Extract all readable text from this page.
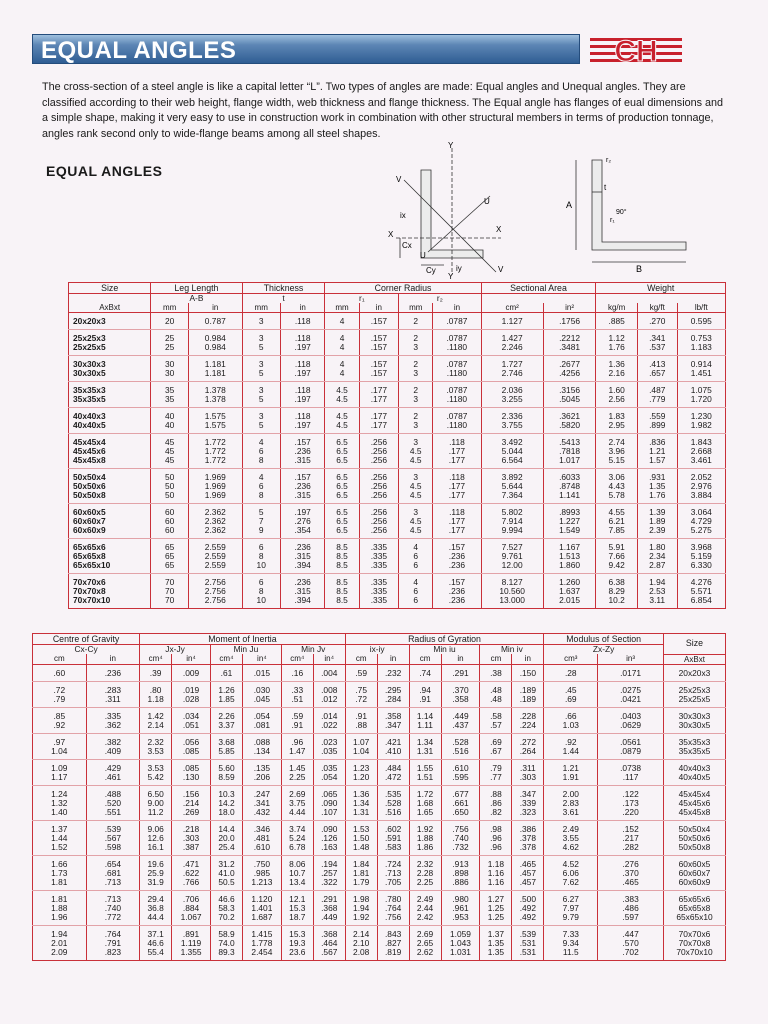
EQUAL ANGLES	CH
The cross-section of a steel angle is like a capital letter “L”. Two types of angles are made: Equal angles and Unequal angles. They are classified according to their web height, flange width, web thickness and flange thickness. The Equal angle has flanges of eual dimensions and a simple shape, making it very easy to use in construction work in combination with other structural members in terms of production tonnage, angles rank second only to wide-flange beams among all steel shapes.
EQUAL ANGLES
Y
Y
V
V
U
U
X
X
ix
Cx
Cy	iy
A
B
t
r₁
r₂
90°
Size	Leg Length		Thickness		Corner Radius				Sectional Area		Weight		
	A-B		t		r₁		r₂						
AxBxt	mm	in	mm	in	mm	in	mm	in	cm²	in²	kg/m	kg/ft	lb/ft
20x20x3	20	0.787	3	.118	4	.157	2	.0787	1.127	.1756	.885	.270	0.595
25x25x3	25	0.984	3	.118	4	.157	2	.0787	1.427	.2212	1.12	.341	0.753
25x25x5	25	0.984	5	.197	4	.157	3	.1180	2.246	.3481	1.76	.537	1.183
30x30x3	30	1.181	3	.118	4	.157	2	.0787	1.727	.2677	1.36	.413	0.914
30x30x5	30	1.181	5	.197	4	.157	3	.1180	2.746	.4256	2.16	.657	1.451
35x35x3	35	1.378	3	.118	4.5	.177	2	.0787	2.036	.3156	1.60	.487	1.075
35x35x5	35	1.378	5	.197	4.5	.177	3	.1180	3.255	.5045	2.56	.779	1.720
40x40x3	40	1.575	3	.118	4.5	.177	2	.0787	2.336	.3621	1.83	.559	1.230
40x40x5	40	1.575	5	.197	4.5	.177	3	.1180	3.755	.5820	2.95	.899	1.982
45x45x4	45	1.772	4	.157	6.5	.256	3	.118	3.492	.5413	2.74	.836	1.843
45x45x6	45	1.772	6	.236	6.5	.256	4.5	.177	5.044	.7818	3.96	1.21	2.668
45x45x8	45	1.772	8	.315	6.5	.256	4.5	.177	6.564	1.017	5.15	1.57	3.461
50x50x4	50	1.969	4	.157	6.5	.256	3	.118	3.892	.6033	3.06	.931	2.052
50x50x6	50	1.969	6	.236	6.5	.256	4.5	.177	5.644	.8748	4.43	1.35	2.976
50x50x8	50	1.969	8	.315	6.5	.256	4.5	.177	7.364	1.141	5.78	1.76	3.884
60x60x5	60	2.362	5	.197	6.5	.256	3	.118	5.802	.8993	4.55	1.39	3.064
60x60x7	60	2.362	7	.276	6.5	.256	4.5	.177	7.914	1.227	6.21	1.89	4.729
60x60x9	60	2.362	9	.354	6.5	.256	4.5	.177	9.994	1.549	7.85	2.39	5.275
65x65x6	65	2.559	6	.236	8.5	.335	4	.157	7.527	1.167	5.91	1.80	3.968
65x65x8	65	2.559	8	.315	8.5	.335	6	.236	9.761	1.513	7.66	2.34	5.159
65x65x10	65	2.559	10	.394	8.5	.335	6	.236	12.00	1.860	9.42	2.87	6.330
70x70x6	70	2.756	6	.236	8.5	.335	4	.157	8.127	1.260	6.38	1.94	4.276
70x70x8	70	2.756	8	.315	8.5	.335	6	.236	10.560	1.637	8.29	2.53	5.571
70x70x10	70	2.756	10	.394	8.5	.335	6	.236	13.000	2.015	10.2	3.11	6.854
Centre of Gravity		Moment of Inertia						Radius of Gyration						Modulus of Section		Size
Cx-Cy		Jx-Jy		Min Ju		Min Jv		ix-iy		Min iu		Min iv		Zx-Zy		
cm	in	cm⁴	in⁴	cm⁴	in⁴	cm⁴	in⁴	cm	in	cm	in	cm	in	cm³	in³	AxBxt
.60	.236	.39	.009	.61	.015	.16	.004	.59	.232	.74	.291	.38	.150	.28	.0171	20x20x3
.72	.283	.80	.019	1.26	.030	.33	.008	.75	.295	.94	.370	.48	.189	.45	.0275	25x25x3
.79	.311	1.18	.028	1.85	.045	.51	.012	.72	.284	.91	.358	.48	.189	.69	.0421	25x25x5
.85	.335	1.42	.034	2.26	.054	.59	.014	.91	.358	1.14	.449	.58	.228	.66	.0403	30x30x3
.92	.362	2.14	.051	3.37	.081	.91	.022	.88	.347	1.11	.437	.57	.224	1.03	.0629	30x30x5
.97	.382	2.32	.056	3.68	.088	.96	.023	1.07	.421	1.34	.528	.69	.272	.92	.0561	35x35x3
1.04	.409	3.53	.085	5.85	.134	1.47	.035	1.04	.410	1.31	.516	.67	.264	1.44	.0879	35x35x5
1.09	.429	3.53	.085	5.60	.135	1.45	.035	1.23	.484	1.55	.610	.79	.311	1.21	.0738	40x40x3
1.17	.461	5.42	.130	8.59	.206	2.25	.054	1.20	.472	1.51	.595	.77	.303	1.91	.117	40x40x5
1.24	.488	6.50	.156	10.3	.247	2.69	.065	1.36	.535	1.72	.677	.88	.347	2.00	.122	45x45x4
1.32	.520	9.00	.214	14.2	.341	3.75	.090	1.34	.528	1.68	.661	.86	.339	2.83	.173	45x45x6
1.40	.551	11.2	.269	18.0	.432	4.44	.107	1.31	.516	1.65	.650	.82	.323	3.61	.220	45x45x8
1.37	.539	9.06	.218	14.4	.346	3.74	.090	1.53	.602	1.92	.756	.98	.386	2.49	.152	50x50x4
1.44	.567	12.6	.303	20.0	.481	5.24	.126	1.50	.591	1.88	.740	.96	.378	3.55	.217	50x50x6
1.52	.598	16.1	.387	25.4	.610	6.78	.163	1.48	.583	1.86	.732	.96	.378	4.62	.282	50x50x8
1.66	.654	19.6	.471	31.2	.750	8.06	.194	1.84	.724	2.32	.913	1.18	.465	4.52	.276	60x60x5
1.73	.681	25.9	.622	41.0	.985	10.7	.257	1.81	.713	2.28	.898	1.16	.457	6.06	.370	60x60x7
1.81	.713	31.9	.766	50.5	1.213	13.4	.322	1.79	.705	2.25	.886	1.16	.457	7.62	.465	60x60x9
1.81	.713	29.4	.706	46.6	1.120	12.1	.291	1.98	.780	2.49	.980	1.27	.500	6.27	.383	65x65x6
1.88	.740	36.8	.884	58.3	1.401	15.3	.368	1.94	.764	2.44	.961	1.25	.492	7.97	.486	65x65x8
1.96	.772	44.4	1.067	70.2	1.687	18.7	.449	1.92	.756	2.42	.953	1.25	.492	9.79	.597	65x65x10
1.94	.764	37.1	.891	58.9	1.415	15.3	.368	2.14	.843	2.69	1.059	1.37	.539	7.33	.447	70x70x6
2.01	.791	46.6	1.119	74.0	1.778	19.3	.464	2.10	.827	2.65	1.043	1.35	.531	9.34	.570	70x70x8
2.09	.823	55.4	1.355	89.3	2.454	23.6	.567	2.08	.819	2.62	1.031	1.35	.531	11.5	.702	70x70x10
